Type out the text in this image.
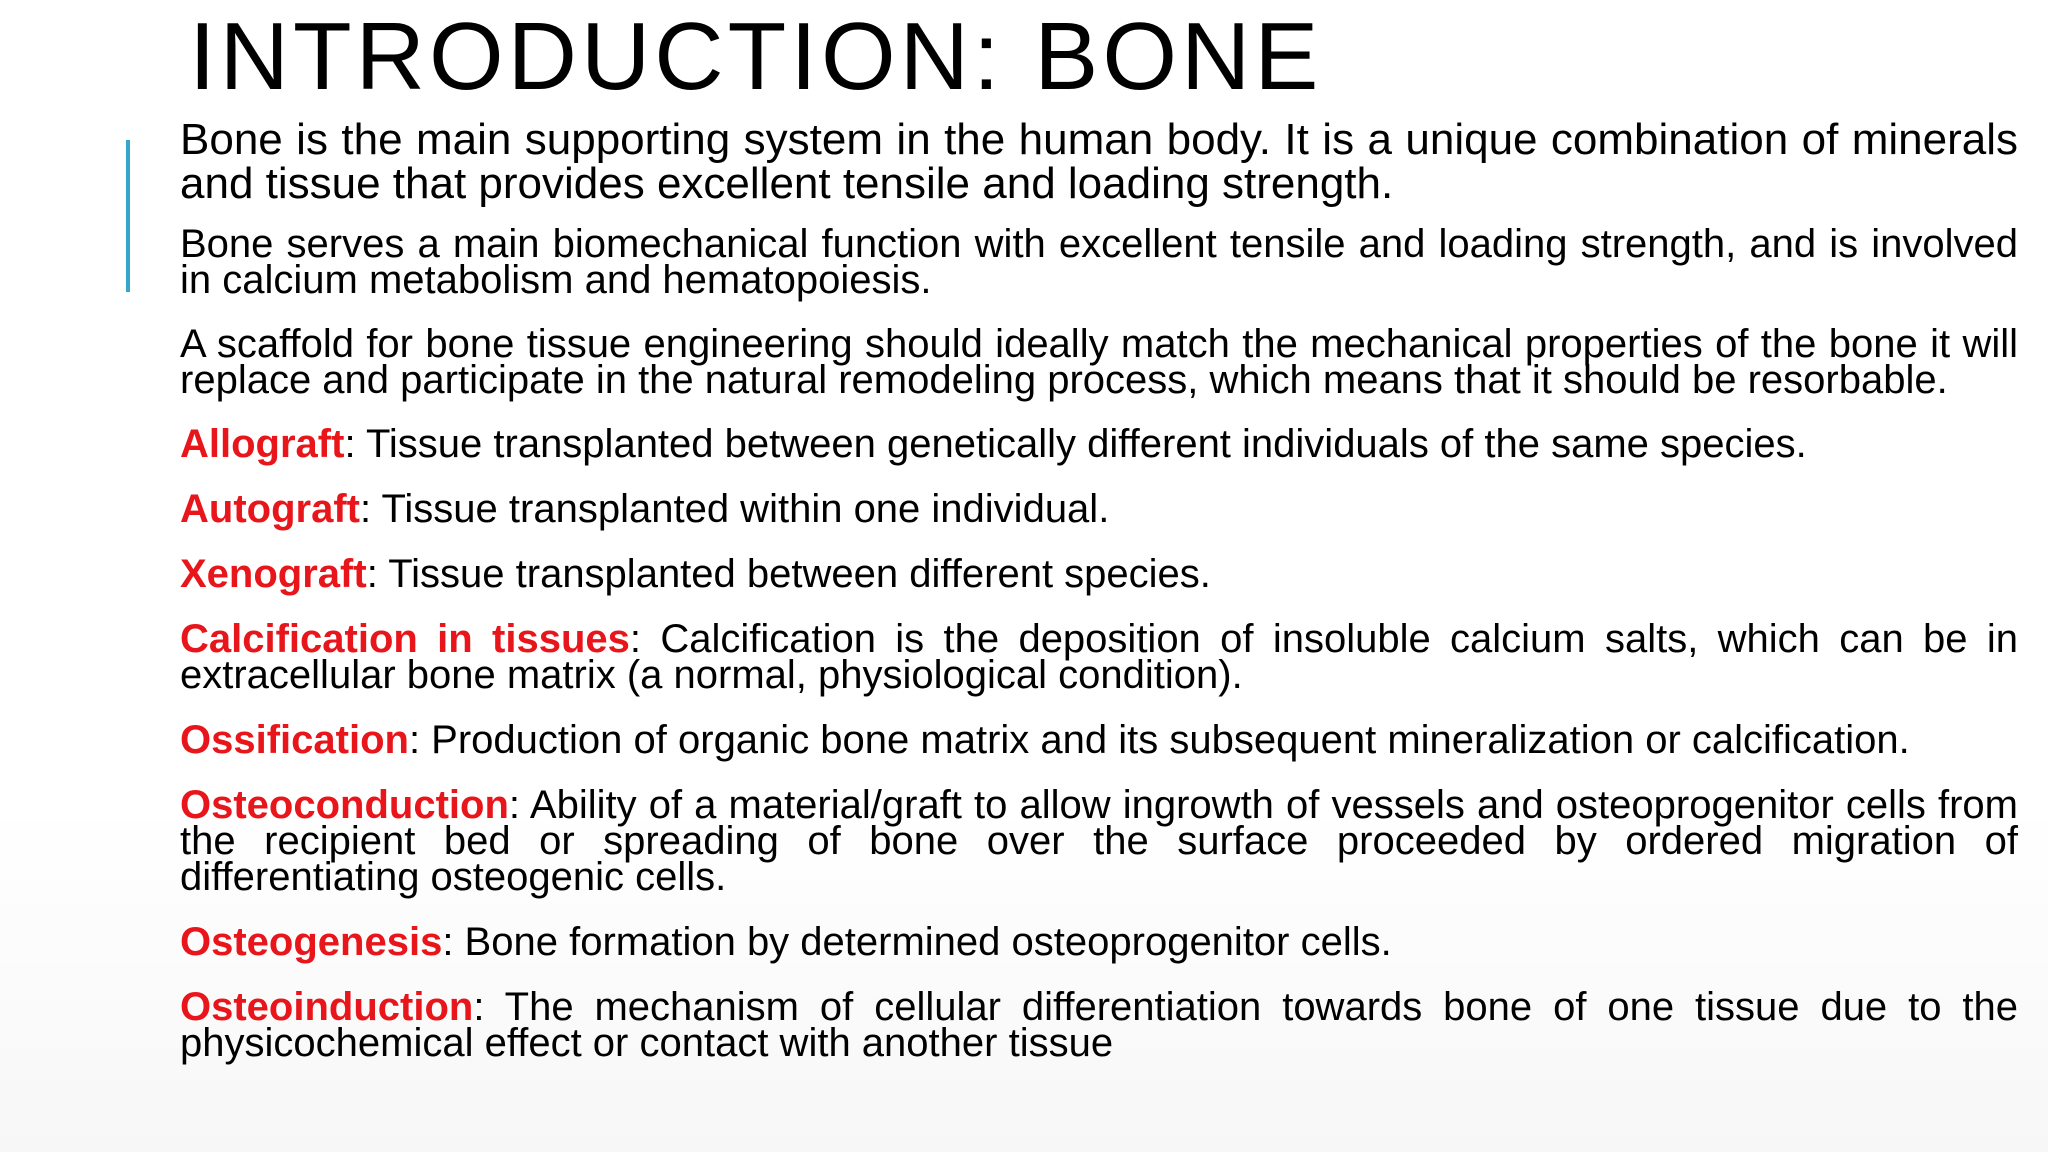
INTRODUCTION: BONE

Bone is the main supporting system in the human body. It is a unique combination of minerals and tissue that provides excellent tensile and loading strength.

Bone serves a main biomechanical function with excellent tensile and loading strength, and is involved in calcium metabolism and hematopoiesis.

A scaffold for bone tissue engineering should ideally match the mechanical properties of the bone it will replace and participate in the natural remodeling process, which means that it should be resorbable.

Allograft: Tissue transplanted between genetically different individuals of the same species.

Autograft: Tissue transplanted within one individual.

Xenograft: Tissue transplanted between different species.

Calcification in tissues: Calcification is the deposition of insoluble calcium salts, which can be in extracellular bone matrix (a normal, physiological condition).

Ossification: Production of organic bone matrix and its subsequent mineralization or calcification.

Osteoconduction: Ability of a material/graft to allow ingrowth of vessels and osteoprogenitor cells from the recipient bed or spreading of bone over the surface proceeded by ordered migration of differentiating osteogenic cells.

Osteogenesis: Bone formation by determined osteoprogenitor cells.

Osteoinduction: The mechanism of cellular differentiation towards bone of one tissue due to the physicochemical effect or contact with another tissue
